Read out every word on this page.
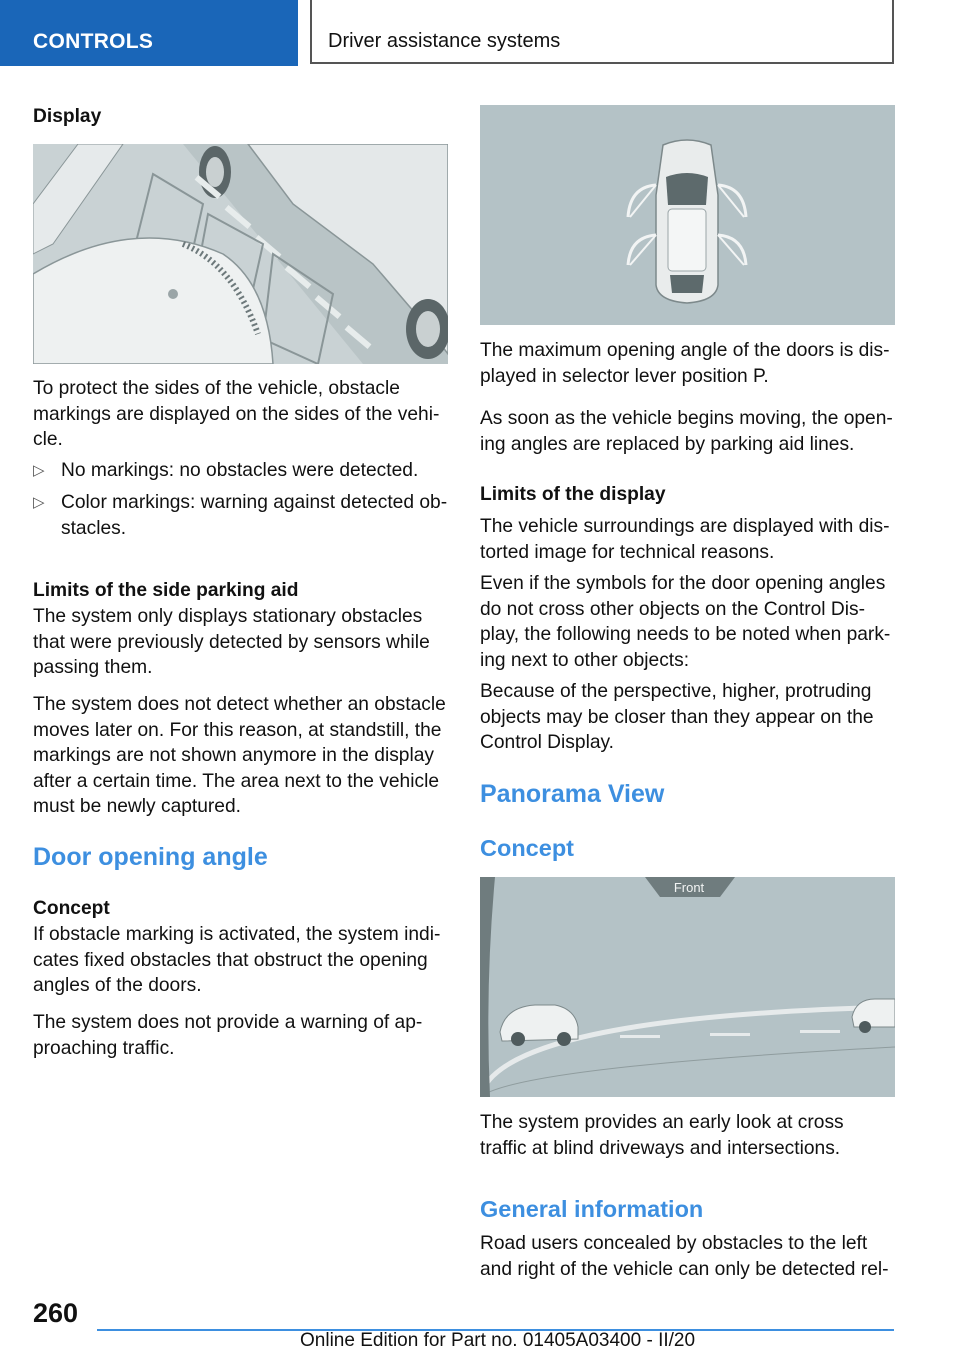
CONTROLS	Driver assistance systems

Display

To protect the sides of the vehicle, obstacle markings are displayed on the sides of the vehicle.

▷ No markings: no obstacles were detected.
▷ Color markings: warning against detected obstacles.

Limits of the side parking aid

The system only displays stationary obstacles that were previously detected by sensors while passing them.

The system does not detect whether an obstacle moves later on. For this reason, at standstill, the markings are not shown anymore in the display after a certain time. The area next to the vehicle must be newly captured.

Door opening angle

Concept

If obstacle marking is activated, the system indicates fixed obstacles that obstruct the opening angles of the doors.

The system does not provide a warning of approaching traffic.

The maximum opening angle of the doors is displayed in selector lever position P.

As soon as the vehicle begins moving, the opening angles are replaced by parking aid lines.

Limits of the display

The vehicle surroundings are displayed with distorted image for technical reasons.

Even if the symbols for the door opening angles do not cross other objects on the Control Display, the following needs to be noted when parking next to other objects:

Because of the perspective, higher, protruding objects may be closer than they appear on the Control Display.

Panorama View

Concept

Front

The system provides an early look at cross traffic at blind driveways and intersections.

General information

Road users concealed by obstacles to the left and right of the vehicle can only be detected rel-

260
Online Edition for Part no. 01405A03400 - II/20
